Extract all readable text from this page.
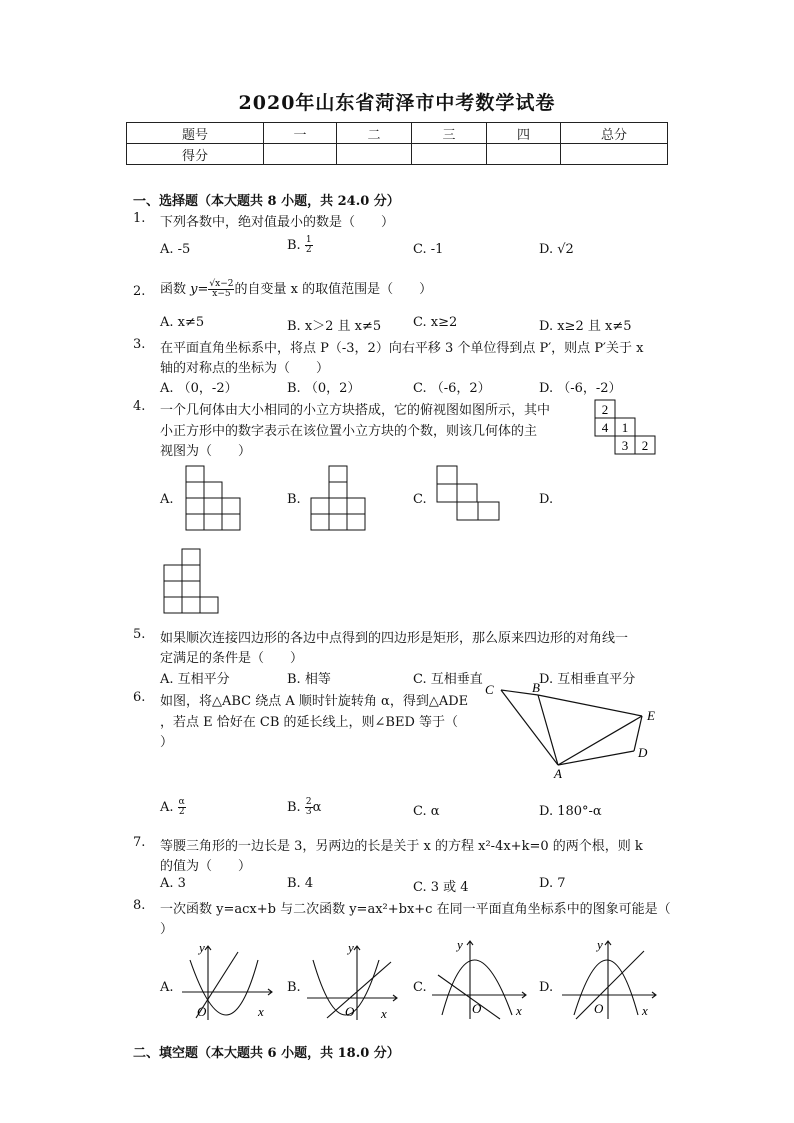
2020年山东省菏泽市中考数学试卷
题号	一	二	三	四	总分
得分					
一、选择题（本大题共 8 小题，共 24.0 分）
1. 下列各数中，绝对值最小的数是（　　）
A. -5	B. $\frac{1}{2}$	C. -1	D. √2
2. 函数 $y= \frac{√x-2}{x-5}$ 的自变量 x 的取值范围是（　　）
A. x≠5	B. x＞2 且 x≠5 C. x≥2	D. x≥2 且 x≠5
3. 在平面直角坐标系中，将点 P（-3，2）向右平移 3 个单位得到点 P′，则点 P′关于 x
轴的对称点的坐标为（　　）
A. （0，-2）	B. （0，2）	C. （-6，2）	D. （-6，-2）
4. 一个几何体由大小相同的小立方块搭成，它的俯视图如图所示，其中
小正方形中的数字表示在该位置小立方块的个数，则该几何体的主
视图为（　　）
2
4 1
3 2
A.	B.	C.	D.
5. 如果顺次连接四边形的各边中点得到的四边形是矩形，那么原来四边形的对角线一
定满足的条件是（　　）
A. 互相平分	B. 相等	C. 互相垂直	D. 互相垂直平分
6. 如图，将△ABC 绕点 A 顺时针旋转角 α，得到△ADE
，若点 E 恰好在 CB 的延长线上，则∠BED 等于（
）
C	B
E
D
A
A. $\frac{\alpha}{2}$	B. $\frac{2}{3}$ α	C. α	D. 180°-α
7. 等腰三角形的一边长是 3，另两边的长是关于 x 的方程 x²-4x+k=0 的两个根，则 k
的值为（　　）
A. 3	B. 4	C. 3 或 4	D. 7
8. 一次函数 y=acx+b 与二次函数 y=ax²+bx+c 在同一平面直角坐标系中的图象可能是（
）
A.
y
x
O
B.
y
x
O
C.
y
x
O
D.
y
x
O
二、填空题（本大题共 6 小题，共 18.0 分）
